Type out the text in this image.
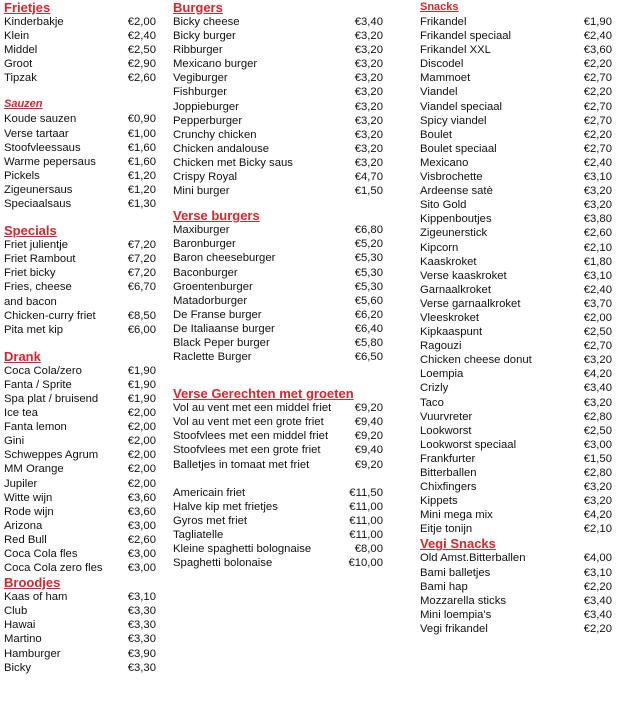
Frietjes
Kinderbakje	€2,00
Klein	€2,40
Middel	€2,50
Groot	€2,90
Tipzak	€2,60
Sauzen
Koude sauzen	€0,90
Verse tartaar	€1,00
Stoofvleessaus	€1,60
Warme pepersaus	€1,60
Pickels	€1,20
Zigeunersaus	€1,20
Speciaalsaus	€1,30
Specials
Friet julientje	€7,20
Friet Rambout	€7,20
Friet bicky	€7,20
Fries, cheese
and bacon
€6,70
Chicken-curry friet	€8,50
Pita met kip	€6,00
Drank
Coca Cola/zero	€1,90
Fanta / Sprite	€1,90
Spa plat / bruisend	€1,90
Ice tea	€2,00
Fanta lemon	€2,00
Gini	€2,00
Schweppes Agrum	€2,00
MM Orange	€2,00
Jupiler	€2,00
Witte wijn	€3,60
Rode wijn	€3,60
Arizona	€3,00
Red Bull	€2,60
Coca Cola fles	€3,00
Coca Cola zero fles €3,00
Broodjes
Kaas of ham	€3,10
Club	€3,30
Hawai	€3,30
Martino	€3,30
Hamburger	€3,90
Bicky	€3,30
Burgers
Bicky cheese	€3,40
Bicky burger	€3,20
Ribburger	€3,20
Mexicano burger	€3,20
Vegiburger	€3,20
Fishburger	€3,20
Joppieburger	€3,20
Pepperburger	€3,20
Crunchy chicken	€3,20
Chicken andalouse	€3,20
Chicken met Bicky saus	€3,20
Crispy Royal	€4,70
Mini burger	€1,50
Verse burgers
Maxiburger	€6,80
Baronburger	€5,20
Baron cheeseburger	€5,30
Baconburger	€5,30
Groentenburger	€5,30
Matadorburger	€5,60
De Franse burger	€6,20
De Italiaanse burger	€6,40
Black Peper burger	€5,80
Raclette Burger	€6,50
Verse Gerechten met groeten
Vol au vent met een middel friet €9,20
Vol au vent met een grote friet	€9,40
Stoofvlees met een middel friet €9,20
Stoofvlees met een grote friet	€9,40
Balletjes in tomaat met friet	€9,20
Americain friet	€11,50
Halve kip met frietjes	€11,00
Gyros met friet	€11,00
Tagliatelle	€11,00
Kleine spaghetti bolognaise	€8,00
Spaghetti bolonaise	€10,00
Snacks
Frikandel	€1,90
Frikandel speciaal	€2,40
Frikandel XXL	€3,60
Discodel	€2,20
Mammoet	€2,70
Viandel	€2,20
Viandel speciaal	€2,70
Spicy viandel	€2,70
Boulet	€2,20
Boulet speciaal	€2,70
Mexicano	€2,40
Visbrochette	€3,10
Ardeense satè	€3,20
Sito Gold	€3,20
Kippenboutjes	€3,80
Zigeunerstick	€2,60
Kipcorn	€2,10
Kaaskroket	€1,80
Verse kaaskroket	€3,10
Garnaalkroket	€2,40
Verse garnaalkroket	€3,70
Vleeskroket	€2,00
Kipkaaspunt	€2,50
Ragouzi	€2,70
Chicken cheese donut	€3,20
Loempia	€4,20
Crizly	€3,40
Taco	€3,20
Vuurvreter	€2,80
Lookworst	€2,50
Lookworst speciaal	€3,00
Frankfurter	€1,50
Bitterballen	€2,80
Chixfingers	€3,20
Kippets	€3,20
Mini mega mix	€4,20
Eitje tonijn	€2,10
Vegi Snacks
Old Amst.Bitterballen	€4,00
Bami balletjes	€3,10
Bami hap	€2,20
Mozzarella sticks	€3,40
Mini loempia's	€3,40
Vegi frikandel	€2,20
